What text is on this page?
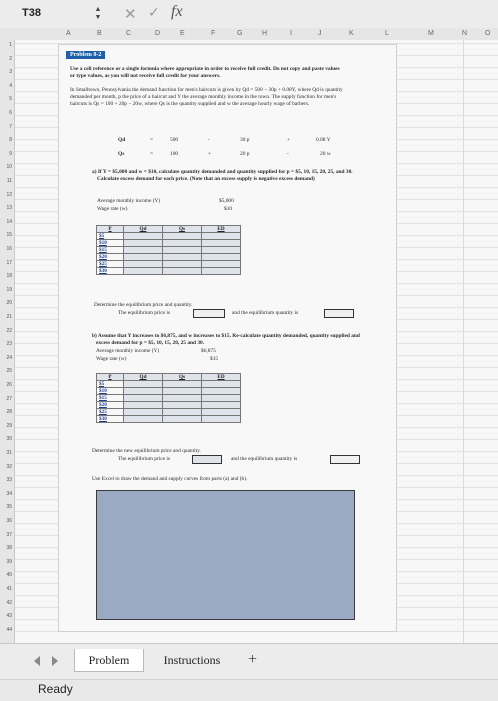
T38	▲
▼ ✕ ✓ fx
A	B	C	D	E	F	G	H	I	J	K	L	M	N	O
1
2
3
4
5
6
7
8
9
10
11
12
13
14
15
16
17
18
19
20
21
22
23
24
25
26
27
28
29
30
31
32
33
34
35
36
37
38
39
40
41
42
43
44
Problem 8-2
Use a cell reference or a single formula where appropriate in order to receive full credit. Do not copy and paste values
or type values, as you will not receive full credit for your answers.
In Smalltown, Pennsylvania the demand function for men's haircuts is given by Qd = 500 − 30p + 0.08Y, where Qd is quantity
demanded per month, p the price of a haircut and Y the average monthly income in the town. The supply function for men's
haircuts is Qs = 100 + 20p − 20w, where Qs is the quantity supplied and w the average hourly wage of barbers.
Qd	=	500	-	30 p	+	0.08 Y
Qs	=	100	+	20 p	-	20 w
a) If Y = $5,000 and w = $10, calculate quantity demanded and quantity supplied for p = $5, 10, 15, 20, 25, and 30.
Calculate excess demand for each price. (Note that an excess supply is negative excess demand)
Average monthly income (Y)	$5,000
Wage rate (w)	$10
P	Qd	Qs	ED
$5			
$10			
$15			
$20			
$25			
$30			
Determine the equilibrium price and quantity.
The equilibrium price is	and the equilibrium quantity is
b) Assume that Y increases to $6,875, and w increases to $15. Re-calculate quantity demanded, quantity supplied and
excess demand for p = $5, 10, 15, 20, 25 and 30.
Average monthly income (Y)	$6,875
Wage rate (w)	$15
P	Qd	Qs	ED
$5			
$10			
$15			
$20			
$25			
$30			
Determine the new equilibrium price and quantity.
The equilibrium price is	and the equilibrium quantity is
Use Excel to draw the demand and supply curves from parts (a) and (b).
Problem	Instructions	+
Ready
